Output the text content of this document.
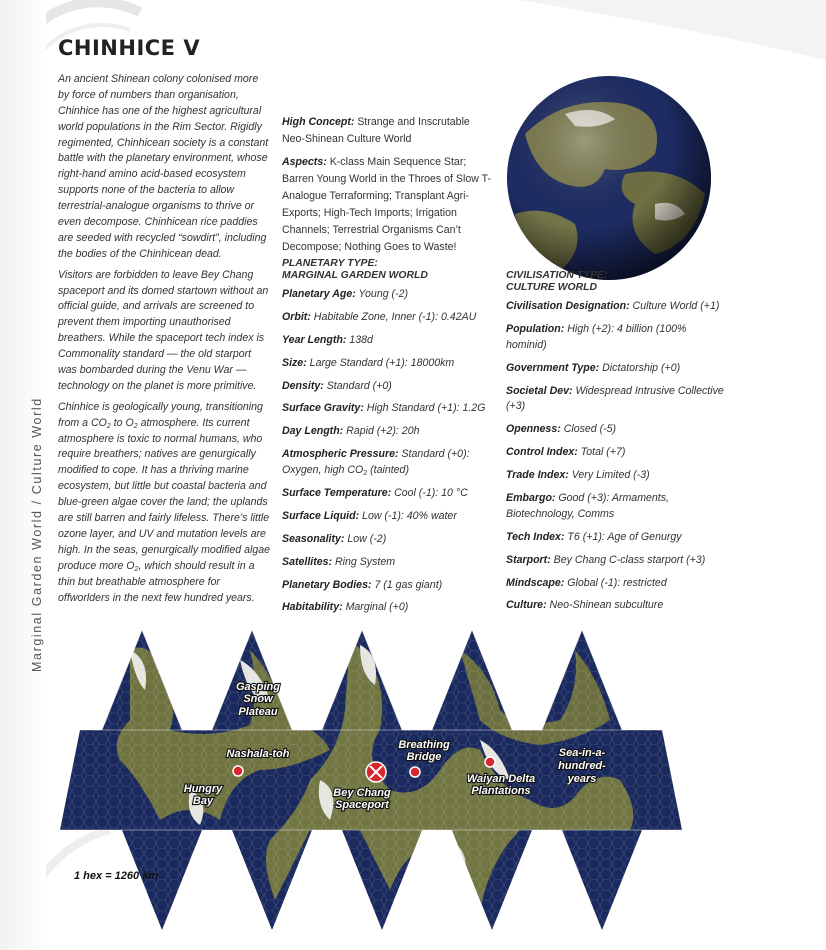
Marginal Garden World / Culture World
CHINHICE V

An ancient Shinean colony colonised more by force of numbers than organisation, Chinhice has one of the highest agricultural world populations in the Rim Sector. Rigidly regimented, Chinhicean society is a constant battle with the planetary environment, whose right-hand amino acid-based ecosystem supports none of the bacteria to allow terrestrial-analogue organisms to thrive or even decompose. Chinhicean rice paddies are seeded with recycled “sowdirt”, including the bodies of the Chinhicean dead.

Visitors are forbidden to leave Bey Chang spaceport and its domed startown without an official guide, and arrivals are screened to prevent them importing unauthorised breathers. While the spaceport tech index is Commonality standard — the old starport was bombarded during the Venu War — technology on the planet is more primitive.

Chinhice is geologically young, transitioning from a $CO_2$ to $O_2$ atmosphere. Its current atmosphere is toxic to normal humans, who require breathers; natives are genurgically modified to cope. It has a thriving marine ecosystem, but little but coastal bacteria and blue-green algae cover the land; the uplands are still barren and fairly lifeless. There’s little ozone layer, and UV and mutation levels are high. In the seas, genurgically modified algae produce more $O_2$, which should result in a thin but breathable atmosphere for offworlders in the next few hundred years.

High Concept: Strange and Inscrutable Neo-Shinean Culture World

Aspects: K-class Main Sequence Star; Barren Young World in the Throes of Slow T-Analogue Terraforming; Transplant Agri-Exports; High-Tech Imports; Irrigation Channels; Terrestrial Organisms Can’t Decompose; Nothing Goes to Waste!

PLANETARY TYPE:
MARGINAL GARDEN WORLD
Planetary Age: Young (-2)
Orbit: Habitable Zone, Inner (-1): 0.42AU
Year Length: 138d
Size: Large Standard (+1): 18000km
Density: Standard (+0)
Surface Gravity: High Standard (+1): 1.2G
Day Length: Rapid (+2): 20h
Atmospheric Pressure: Standard (+0): Oxygen, high $CO_2$ (tainted)
Surface Temperature: Cool (-1): 10 °C
Surface Liquid: Low (-1): 40% water
Seasonality: Low (-2)
Satellites: Ring System
Planetary Bodies: 7 (1 gas giant)
Habitability: Marginal (+0)
CIVILISATION TYPE:
CULTURE WORLD
Civilisation Designation: Culture World (+1)
Population: High (+2): 4 billion (100% hominid)
Government Type: Dictatorship (+0)
Societal Dev: Widespread Intrusive Collective (+3)
Openness: Closed (-5)
Control Index: Total (+7)
Trade Index: Very Limited (-3)
Embargo: Good (+3): Armaments, Biotechnology, Comms
Tech Index: T6 (+1): Age of Genurgy
Starport: Bey Chang C-class starport (+3)
Mindscape: Global (-1): restricted
Culture: Neo-Shinean subculture
Gasping
Snow
Plateau
Nashala-toh
Hungry
Bay
Bey Chang
Spaceport
Breathing
Bridge
Waiyan Delta
Plantations
Sea-in-a-
hundred-
years
1 hex = 1260 km
